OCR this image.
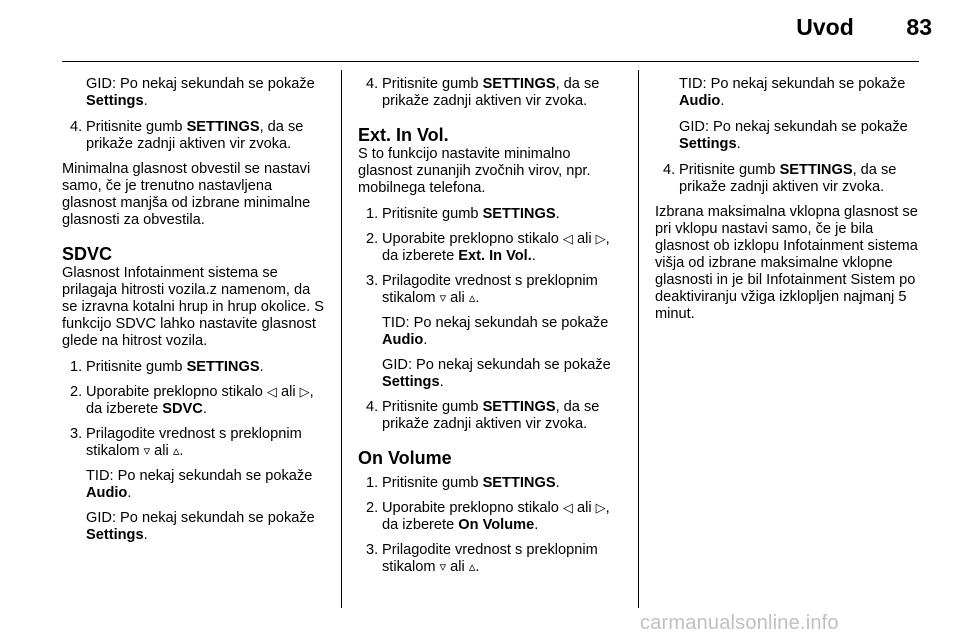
Uvod	83

GID: Po nekaj sekundah se pokaže Settings.

4. Pritisnite gumb SETTINGS, da se prikaže zadnji aktiven vir zvoka.

Minimalna glasnost obvestil se nastavi samo, če je trenutno nastavljena glasnost manjša od izbrane minimalne glasnosti za obvestila.

SDVC

Glasnost Infotainment sistema se prilagaja hitrosti vozila.z namenom, da se izravna kotalni hrup in hrup okolice. S funkcijo SDVC lahko nastavite glasnost glede na hitrost vozila.

1. Pritisnite gumb SETTINGS.
2. Uporabite preklopno stikalo ◁ ali ▷, da izberete SDVC.
3. Prilagodite vrednost s preklopnim stikalom ▿ ali ▵.
TID: Po nekaj sekundah se pokaže Audio.
GID: Po nekaj sekundah se pokaže Settings.
4. Pritisnite gumb SETTINGS, da se prikaže zadnji aktiven vir zvoka.
Ext. In Vol.

S to funkcijo nastavite minimalno glasnost zunanjih zvočnih virov, npr. mobilnega telefona.

1. Pritisnite gumb SETTINGS.
2. Uporabite preklopno stikalo ◁ ali ▷, da izberete Ext. In Vol..
3. Prilagodite vrednost s preklopnim stikalom ▿ ali ▵.
TID: Po nekaj sekundah se pokaže Audio.
GID: Po nekaj sekundah se pokaže Settings.
4. Pritisnite gumb SETTINGS, da se prikaže zadnji aktiven vir zvoka.
On Volume
1. Pritisnite gumb SETTINGS.
2. Uporabite preklopno stikalo ◁ ali ▷, da izberete On Volume.
3. Prilagodite vrednost s preklopnim stikalom ▿ ali ▵.

TID: Po nekaj sekundah se pokaže Audio.

GID: Po nekaj sekundah se pokaže Settings.

4. Pritisnite gumb SETTINGS, da se prikaže zadnji aktiven vir zvoka.

Izbrana maksimalna vklopna glasnost se pri vklopu nastavi samo, če je bila glasnost ob izklopu Infotainment sistema višja od izbrane maksimalne vklopne glasnosti in je bil Infotainment Sistem po deaktiviranju vžiga izklopljen najmanj 5 minut.

carmanualsonline.info
